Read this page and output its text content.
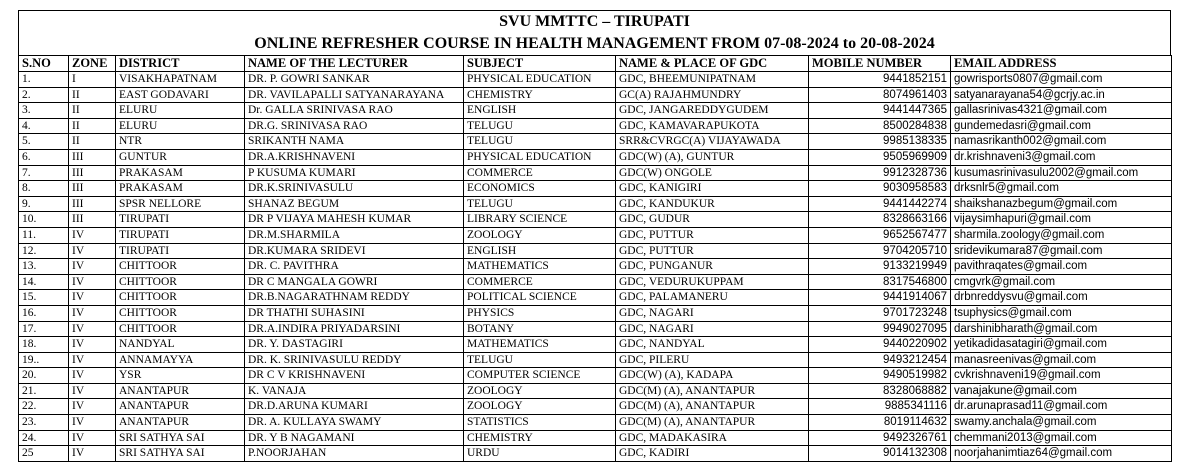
SVU MMTTC – TIRUPATI
ONLINE REFRESHER COURSE IN HEALTH MANAGEMENT FROM 07-08-2024 to 20-08-2024
S.NO	ZONE	DISTRICT	NAME OF THE LECTURER	SUBJECT	NAME & PLACE OF GDC	MOBILE NUMBER	EMAIL ADDRESS
1.	I	VISAKHAPATNAM	DR. P. GOWRI SANKAR	PHYSICAL EDUCATION	GDC, BHEEMUNIPATNAM	9441852151	gowrisports0807@gmail.com
2.	II	EAST GODAVARI	DR. VAVILAPALLI SATYANARAYANA	CHEMISTRY	GC(A) RAJAHMUNDRY	8074961403	satyanarayana54@gcrjy.ac.in
3.	II	ELURU	Dr. GALLA SRINIVASA RAO	ENGLISH	GDC, JANGAREDDYGUDEM	9441447365	gallasrinivas4321@gmail.com
4.	II	ELURU	DR.G. SRINIVASA RAO	TELUGU	GDC, KAMAVARAPUKOTA	8500284838	gundemedasri@gmail.com
5.	II	NTR	SRIKANTH NAMA	TELUGU	SRR&CVRGC(A) VIJAYAWADA	9985138335	namasrikanth002@gmail.com
6.	III	GUNTUR	DR.A.KRISHNAVENI	PHYSICAL EDUCATION	GDC(W) (A), GUNTUR	9505969909	dr.krishnaveni3@gmail.com
7.	III	PRAKASAM	P KUSUMA KUMARI	COMMERCE	GDC(W) ONGOLE	9912328736	kusumasrinivasulu2002@gmail.com
8.	III	PRAKASAM	DR.K.SRINIVASULU	ECONOMICS	GDC, KANIGIRI	9030958583	drksnlr5@gmail.com
9.	III	SPSR NELLORE	SHANAZ BEGUM	TELUGU	GDC, KANDUKUR	9441442274	shaikshanazbegum@gmail.com
10.	III	TIRUPATI	DR P VIJAYA MAHESH KUMAR	LIBRARY SCIENCE	GDC, GUDUR	8328663166	vijaysimhapuri@gmail.com
11.	IV	TIRUPATI	DR.M.SHARMILA	ZOOLOGY	GDC, PUTTUR	9652567477	sharmila.zoology@gmail.com
12.	IV	TIRUPATI	DR.KUMARA SRIDEVI	ENGLISH	GDC, PUTTUR	9704205710	sridevikumara87@gmail.com
13.	IV	CHITTOOR	DR. C. PAVITHRA	MATHEMATICS	GDC, PUNGANUR	9133219949	pavithraqates@gmail.com
14.	IV	CHITTOOR	DR C MANGALA GOWRI	COMMERCE	GDC, VEDURUKUPPAM	8317546800	cmgvrk@gmail.com
15.	IV	CHITTOOR	DR.B.NAGARATHNAM REDDY	POLITICAL SCIENCE	GDC, PALAMANERU	9441914067	drbnreddysvu@gmail.com
16.	IV	CHITTOOR	DR THATHI SUHASINI	PHYSICS	GDC, NAGARI	9701723248	tsuphysics@gmail.com
17.	IV	CHITTOOR	DR.A.INDIRA PRIYADARSINI	BOTANY	GDC, NAGARI	9949027095	darshinibharath@gmail.com
18.	IV	NANDYAL	DR. Y. DASTAGIRI	MATHEMATICS	GDC, NANDYAL	9440220902	yetikadidasatagiri@gmail.com
19..	IV	ANNAMAYYA	DR. K. SRINIVASULU REDDY	TELUGU	GDC, PILERU	9493212454	manasreenivas@gmail.com
20.	IV	YSR	DR C V KRISHNAVENI	COMPUTER SCIENCE	GDC(W) (A), KADAPA	9490519982	cvkrishnaveni19@gmail.com
21.	IV	ANANTAPUR	K. VANAJA	ZOOLOGY	GDC(M) (A), ANANTAPUR	8328068882	vanajakune@gmail.com
22.	IV	ANANTAPUR	DR.D.ARUNA KUMARI	ZOOLOGY	GDC(M) (A), ANANTAPUR	9885341116	dr.arunaprasad11@gmail.com
23.	IV	ANANTAPUR	DR. A. KULLAYA SWAMY	STATISTICS	GDC(M) (A), ANANTAPUR	8019114632	swamy.anchala@gmail.com
24.	IV	SRI SATHYA SAI	DR. Y B NAGAMANI	CHEMISTRY	GDC, MADAKASIRA	9492326761	chemmani2013@gmail.com
25	IV	SRI SATHYA SAI	P.NOORJAHAN	URDU	GDC, KADIRI	9014132308	noorjahanimtiaz64@gmail.com
